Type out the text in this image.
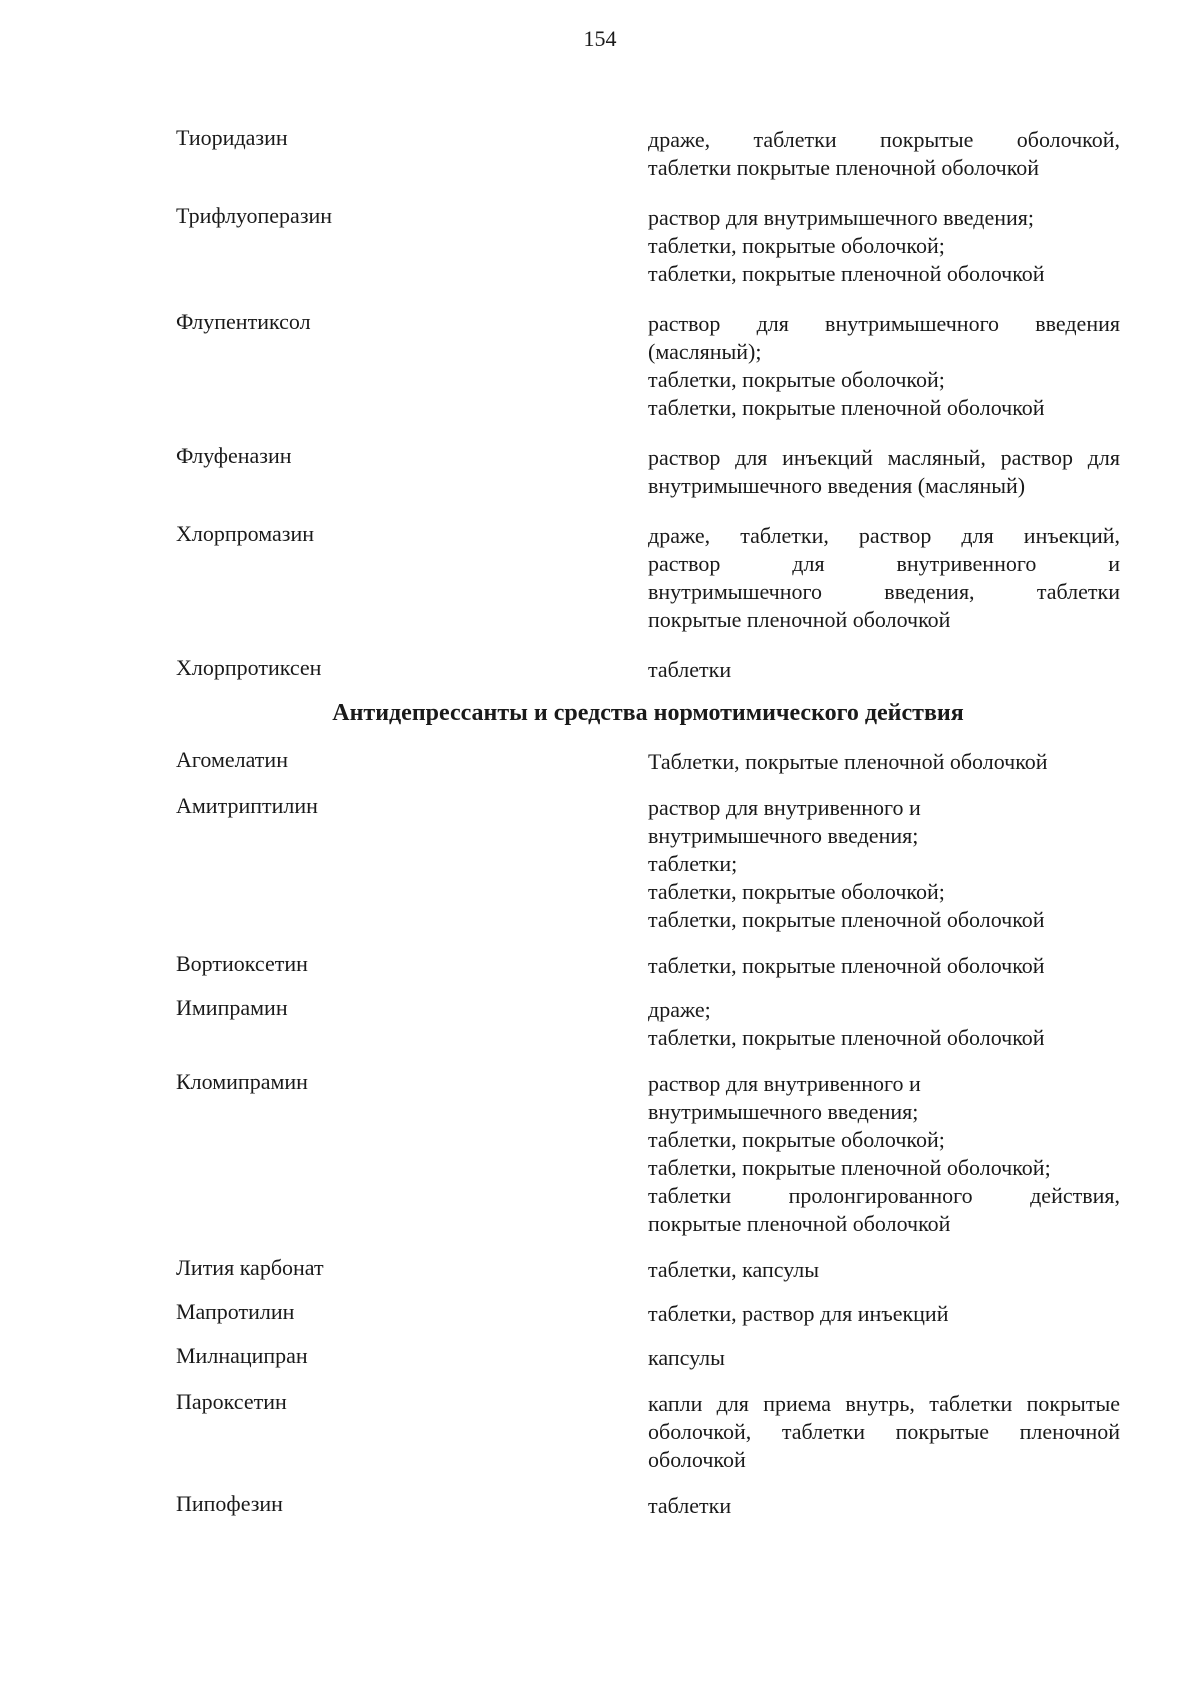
154
Тиоридазин	драже, таблетки покрытые оболочкой,
таблетки покрытые пленочной оболочкой
Трифлуоперазин	раствор для внутримышечного введения;
таблетки, покрытые оболочкой;
таблетки, покрытые пленочной оболочкой
Флупентиксол	раствор для внутримышечного введения
(масляный);
таблетки, покрытые оболочкой;
таблетки, покрытые пленочной оболочкой
Флуфеназин	раствор для инъекций масляный, раствор для
внутримышечного введения (масляный)
Хлорпромазин	драже, таблетки, раствор для инъекций,
раствор для внутривенного и
внутримышечного введения, таблетки
покрытые пленочной оболочкой
Хлорпротиксен	таблетки
Антидепрессанты и средства нормотимического действия
Агомелатин	Таблетки, покрытые пленочной оболочкой
Амитриптилин	раствор для внутривенного и
внутримышечного введения;
таблетки;
таблетки, покрытые оболочкой;
таблетки, покрытые пленочной оболочкой
Вортиоксетин	таблетки, покрытые пленочной оболочкой
Имипрамин	драже;
таблетки, покрытые пленочной оболочкой
Кломипрамин	раствор для внутривенного и
внутримышечного введения;
таблетки, покрытые оболочкой;
таблетки, покрытые пленочной оболочкой;
таблетки пролонгированного действия,
покрытые пленочной оболочкой
Лития карбонат	таблетки, капсулы
Мапротилин	таблетки, раствор для инъекций
Милнаципран	капсулы
Пароксетин	капли для приема внутрь, таблетки покрытые
оболочкой, таблетки покрытые пленочной
оболочкой
Пипофезин	таблетки
